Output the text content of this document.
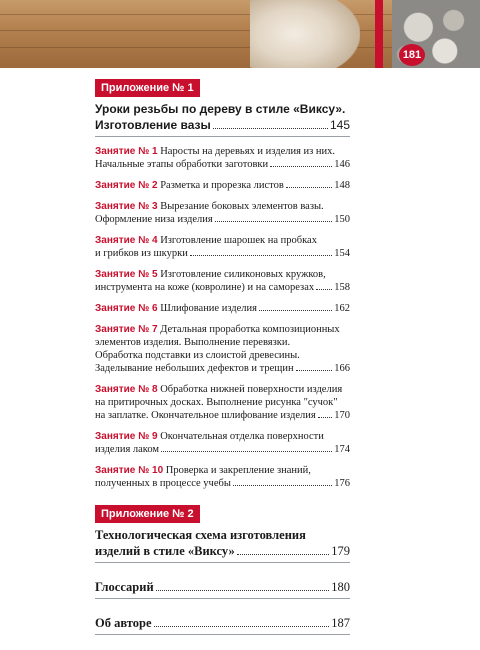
181
Приложение № 1
Уроки резьбы по дереву в стиле «Виксу».
Изготовление вазы	145
Занятие № 1 Наросты на деревьях и изделия из них.
Начальные этапы обработки заготовки	146
Занятие № 2 Разметка и прорезка листов	148
Занятие № 3 Вырезание боковых элементов вазы.
Оформление низа изделия	150
Занятие № 4 Изготовление шарошек на пробках
и грибков из шкурки	154
Занятие № 5 Изготовление силиконовых кружков,
инструмента на коже (ковролине) и на саморезах 158
Занятие № 6 Шлифование изделия	162
Занятие № 7 Детальная проработка композиционных
элементов изделия. Выполнение перевязки.
Обработка подставки из слоистой древесины.
Заделывание небольших дефектов и трещин	166
Занятие № 8 Обработка нижней поверхности изделия
на притирочных досках. Выполнение рисунка "сучок"
на заплатке. Окончательное шлифование изделия 170
Занятие № 9 Окончательная отделка поверхности
изделия лаком	174
Занятие № 10 Проверка и закрепление знаний,
полученных в процессе учебы	176
Приложение № 2
Технологическая схема изготовления
изделий в стиле «Виксу»	179
Глоссарий	180
Об авторе	187
